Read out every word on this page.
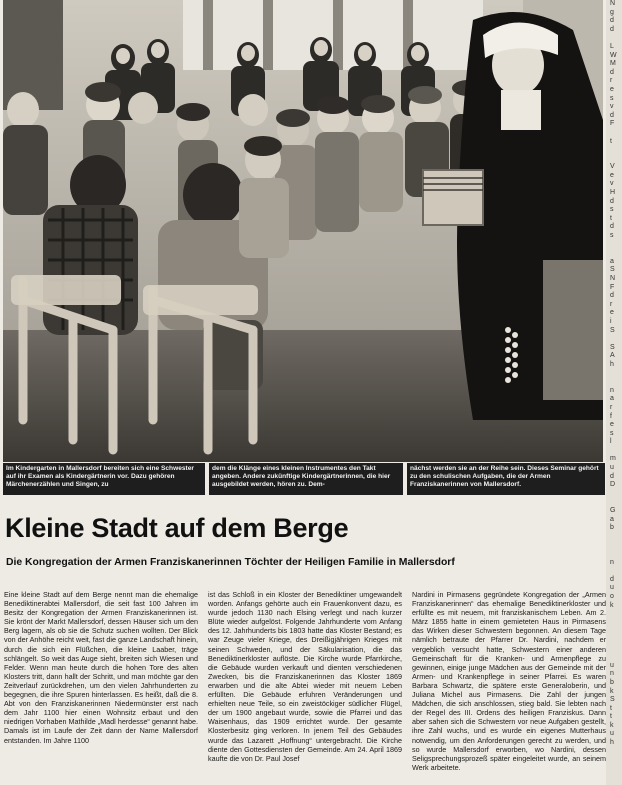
N
g
d
d

L
W
M
d
r
e
s
v
d
F

t

V
e
v
H
d
s
t
d
s

a
S
N
F
d
r
e
i
S

S
A
h

n
a
r
f
e
s
l

m
u
d
D

G
a
b

n

d
u
o
k

u
n
b
k
S
t
t
k
u
h
Im Kindergarten in Mallersdorf bereiten sich eine Schwester auf ihr Examen als Kindergärtnerin vor. Dazu gehören Märchenerzählen und Singen, zu
dem die Klänge eines kleinen Instrumentes den Takt angeben. Andere zukünftige Kindergärtnerinnen, die hier ausgebildet werden, hören zu. Dem-
nächst werden sie an der Reihe sein. Dieses Seminar gehört zu den schulischen Aufgaben, die der Armen Franziskanerinnen von Mallersdorf.
Kleine Stadt auf dem Berge
Die Kongregation der Armen Franziskanerinnen Töchter der Heiligen Familie in Mallersdorf

Eine kleine Stadt auf dem Berge nennt man die ehemalige Benediktinerabtei Mallersdorf, die seit fast 100 Jahren im Besitz der Kongregation der Armen Franziskanerinnen ist. Sie krönt der Markt Mallersdorf, dessen Häuser sich um den Berg lagern, als ob sie die Schutz suchen wollten. Der Blick von der Anhöhe reicht weit, fast die ganze Landschaft hinein, durch die sich ein Flüßchen, die kleine Laaber, träge schlängelt. So weit das Auge sieht, breiten sich Wiesen und Felder. Wenn man heute durch die hohen Tore des alten Klosters tritt, dann hallt der Schritt, und man möchte gar den Zeitverlauf zurückdrehen, um den vielen Jahrhunderten zu begegnen, die ihre Spuren hinterlassen. Es heißt, daß die 8. Abt von den Franziskanerinnen Niedermünster erst nach dem Jahr 1100 hier einen Wohnsitz erbaut und den niedrigen Vorhaben Mathilde „Madl herdesse“ genannt habe. Damals ist im Laufe der Zeit dann der Name Mallersdorf entstanden. Im Jahre 1100

ist das Schloß in ein Kloster der Benediktiner umgewandelt worden. Anfangs gehörte auch ein Frauenkonvent dazu, es wurde jedoch 1130 nach Elsing verlegt und nach kurzer Blüte wieder aufgelöst. Folgende Jahrhunderte vom Anfang des 12. Jahrhunderts bis 1803 hatte das Kloster Bestand; es war Zeuge vieler Kriege, des Dreißigjährigen Krieges mit seinen Schweden, und der Säkularisation, die das Benediktinerkloster auflöste. Die Kirche wurde Pfarrkirche, die Gebäude wurden verkauft und dienten verschiedenen Zwecken, bis die Franziskanerinnen das Kloster 1869 erwarben und die alte Abtei wieder mit neuem Leben erfüllten. Die Gebäude erfuhren Veränderungen und erhielten neue Teile, so ein zweistöckiger südlicher Flügel, der um 1900 angebaut wurde, sowie die Pfarrei und das Waisenhaus, das 1909 errichtet wurde. Der gesamte Klosterbesitz ging verloren. In jenem Teil des Gebäudes wurde das Lazarett „Hoffnung“ untergebracht. Die Kirche diente den Gottesdiensten der Gemeinde. Am 24. April 1869 kaufte die von Dr. Paul Josef

Nardini in Pirmasens gegründete Kongregation der „Armen Franziskanerinnen“ das ehemalige Benediktinerkloster und erfüllte es mit neuem, mit franziskanischem Leben. Am 2. März 1855 hatte in einem gemieteten Haus in Pirmasens das Wirken dieser Schwestern begonnen. An diesem Tage nämlich betraute der Pfarrer Dr. Nardini, nachdem er vergeblich versucht hatte, Schwestern einer anderen Gemeinschaft für die Kranken- und Armenpflege zu gewinnen, einige junge Mädchen aus der Gemeinde mit der Armen- und Krankenpflege in seiner Pfarrei. Es waren Barbara Schwartz, die spätere erste Generaloberin, und Juliana Michel aus Pirmasens. Die Zahl der jungen Mädchen, die sich anschlossen, stieg bald. Sie lebten nach der Regel des III. Ordens des heiligen Franziskus. Dann aber sahen sich die Schwestern vor neue Aufgaben gestellt, ihre Zahl wuchs, und es wurde ein eigenes Mutterhaus notwendig, um den Anforderungen gerecht zu werden, und so wurde Mallersdorf erworben, wo Nardini, dessen Seligsprechungsprozeß später eingeleitet wurde, an seinem Werk arbeitete.
